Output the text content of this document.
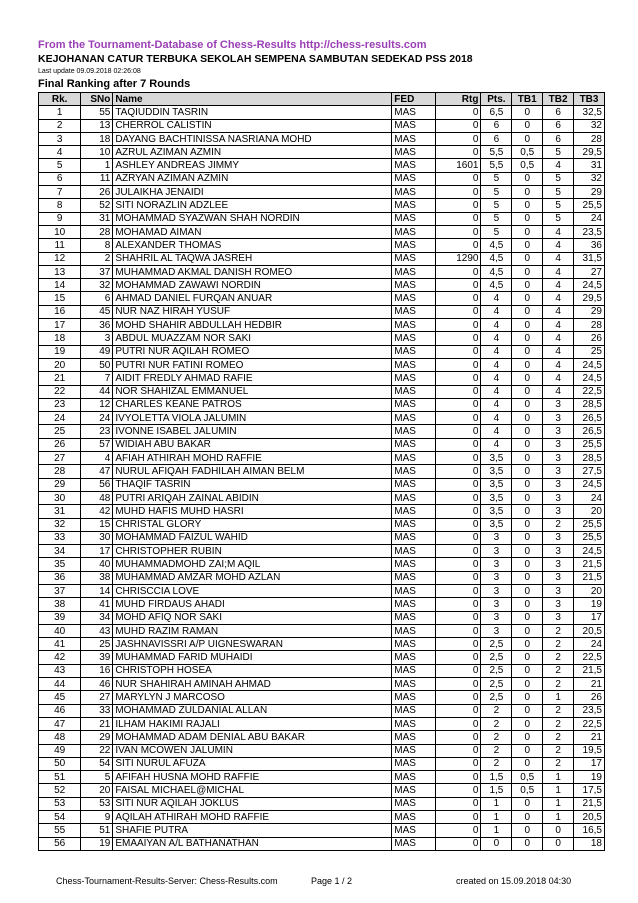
From the Tournament-Database of Chess-Results http://chess-results.com
KEJOHANAN CATUR TERBUKA SEKOLAH SEMPENA SAMBUTAN SEDEKAD PSS 2018
Last update 09.09.2018 02:26:08
Final Ranking after 7 Rounds
Rk.	SNo	Name	FED	Rtg	Pts.	TB1	TB2	TB3
1	55	TAQIUDDIN TASRIN	MAS	0	6,5	0	6	32,5
2	13	CHERROL CALISTIN	MAS	0	6	0	6	32
3	18	DAYANG BACHTINISSA NASRIANA MOHD	MAS	0	6	0	6	28
4	10	AZRUL AZIMAN AZMIN	MAS	0	5,5	0,5	5	29,5
5	1	ASHLEY ANDREAS JIMMY	MAS	1601	5,5	0,5	4	31
6	11	AZRYAN AZIMAN AZMIN	MAS	0	5	0	5	32
7	26	JULAIKHA JENAIDI	MAS	0	5	0	5	29
8	52	SITI NORAZLIN ADZLEE	MAS	0	5	0	5	25,5
9	31	MOHAMMAD SYAZWAN SHAH NORDIN	MAS	0	5	0	5	24
10	28	MOHAMAD AIMAN	MAS	0	5	0	4	23,5
11	8	ALEXANDER THOMAS	MAS	0	4,5	0	4	36
12	2	SHAHRIL AL TAQWA JASREH	MAS	1290	4,5	0	4	31,5
13	37	MUHAMMAD AKMAL DANISH ROMEO	MAS	0	4,5	0	4	27
14	32	MOHAMMAD ZAWAWI NORDIN	MAS	0	4,5	0	4	24,5
15	6	AHMAD DANIEL FURQAN ANUAR	MAS	0	4	0	4	29,5
16	45	NUR NAZ HIRAH YUSUF	MAS	0	4	0	4	29
17	36	MOHD SHAHIR ABDULLAH HEDBIR	MAS	0	4	0	4	28
18	3	ABDUL MUAZZAM NOR SAKI	MAS	0	4	0	4	26
19	49	PUTRI NUR AQILAH ROMEO	MAS	0	4	0	4	25
20	50	PUTRI NUR FATINI ROMEO	MAS	0	4	0	4	24,5
21	7	AIDIT FREDLY AHMAD RAFIE	MAS	0	4	0	4	24,5
22	44	NOR SHAHIZAL EMMANUEL	MAS	0	4	0	4	22,5
23	12	CHARLES KEANE PATROS	MAS	0	4	0	3	28,5
24	24	IVYOLETTA VIOLA JALUMIN	MAS	0	4	0	3	26,5
25	23	IVONNE ISABEL JALUMIN	MAS	0	4	0	3	26,5
26	57	WIDIAH ABU BAKAR	MAS	0	4	0	3	25,5
27	4	AFIAH ATHIRAH MOHD RAFFIE	MAS	0	3,5	0	3	28,5
28	47	NURUL AFIQAH FADHILAH AIMAN BELM	MAS	0	3,5	0	3	27,5
29	56	THAQIF TASRIN	MAS	0	3,5	0	3	24,5
30	48	PUTRI ARIQAH ZAINAL ABIDIN	MAS	0	3,5	0	3	24
31	42	MUHD HAFIS MUHD HASRI	MAS	0	3,5	0	3	20
32	15	CHRISTAL GLORY	MAS	0	3,5	0	2	25,5
33	30	MOHAMMAD FAIZUL WAHID	MAS	0	3	0	3	25,5
34	17	CHRISTOPHER RUBIN	MAS	0	3	0	3	24,5
35	40	MUHAMMADMOHD ZAI;M AQIL	MAS	0	3	0	3	21,5
36	38	MUHAMMAD AMZAR MOHD AZLAN	MAS	0	3	0	3	21,5
37	14	CHRISCCIA LOVE	MAS	0	3	0	3	20
38	41	MUHD FIRDAUS AHADI	MAS	0	3	0	3	19
39	34	MOHD AFIQ NOR SAKI	MAS	0	3	0	3	17
40	43	MUHD RAZIM RAMAN	MAS	0	3	0	2	20,5
41	25	JASHNAVISSRI A/P UIGNESWARAN	MAS	0	2,5	0	2	24
42	39	MUHAMMAD FARID MUHAIDI	MAS	0	2,5	0	2	22,5
43	16	CHRISTOPH HOSEA	MAS	0	2,5	0	2	21,5
44	46	NUR SHAHIRAH AMINAH AHMAD	MAS	0	2,5	0	2	21
45	27	MARYLYN J MARCOSO	MAS	0	2,5	0	1	26
46	33	MOHAMMAD ZULDANIAL ALLAN	MAS	0	2	0	2	23,5
47	21	ILHAM HAKIMI RAJALI	MAS	0	2	0	2	22,5
48	29	MOHAMMAD ADAM DENIAL ABU BAKAR	MAS	0	2	0	2	21
49	22	IVAN MCOWEN JALUMIN	MAS	0	2	0	2	19,5
50	54	SITI NURUL AFUZA	MAS	0	2	0	2	17
51	5	AFIFAH HUSNA MOHD RAFFIE	MAS	0	1,5	0,5	1	19
52	20	FAISAL MICHAEL@MICHAL	MAS	0	1,5	0,5	1	17,5
53	53	SITI NUR AQILAH JOKLUS	MAS	0	1	0	1	21,5
54	9	AQILAH ATHIRAH MOHD RAFFIE	MAS	0	1	0	1	20,5
55	51	SHAFIE PUTRA	MAS	0	1	0	0	16,5
56	19	EMAAIYAN A/L BATHANATHAN	MAS	0	0	0	0	18
Chess-Tournament-Results-Server: Chess-Results.com	Page 1 / 2	created on 15.09.2018 04:30
